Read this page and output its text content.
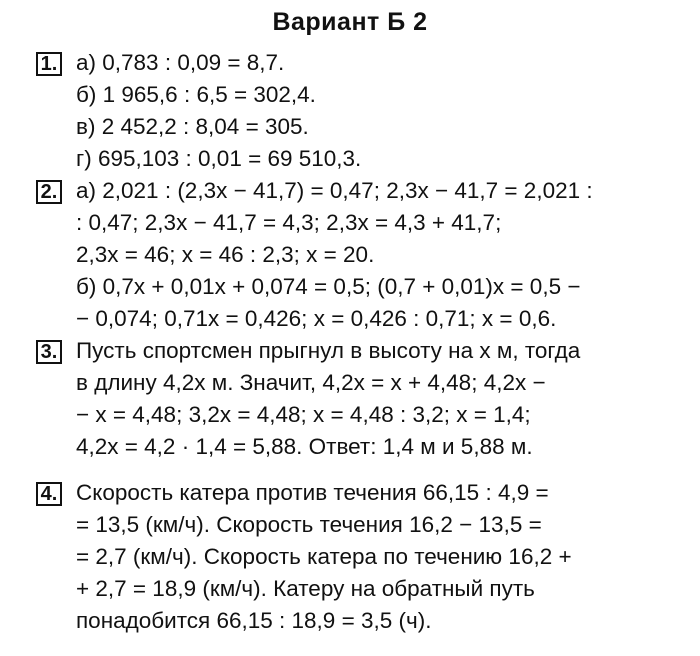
Вариант Б 2
1. а) 0,783 : 0,09 = 8,7.
б) 1 965,6 : 6,5 = 302,4.
в) 2 452,2 : 8,04 = 305.
г) 695,103 : 0,01 = 69 510,3.
2. а) 2,021 : (2,3x − 41,7) = 0,47; 2,3x − 41,7 = 2,021 :
: 0,47; 2,3x − 41,7 = 4,3; 2,3x = 4,3 + 41,7;
2,3x = 46; x = 46 : 2,3; x = 20.
б) 0,7x + 0,01x + 0,074 = 0,5; (0,7 + 0,01)x = 0,5 −
− 0,074; 0,71x = 0,426; x = 0,426 : 0,71; x = 0,6.
3. Пусть спортсмен прыгнул в высоту на x м, тогда
в длину 4,2x м. Значит, 4,2x = x + 4,48; 4,2x −
− x = 4,48; 3,2x = 4,48; x = 4,48 : 3,2; x = 1,4;
4,2x = 4,2 · 1,4 = 5,88. Ответ: 1,4 м и 5,88 м.
4. Скорость катера против течения 66,15 : 4,9 =
= 13,5 (км/ч). Скорость течения 16,2 − 13,5 =
= 2,7 (км/ч). Скорость катера по течению 16,2 +
+ 2,7 = 18,9 (км/ч). Катеру на обратный путь
понадобится 66,15 : 18,9 = 3,5 (ч).
